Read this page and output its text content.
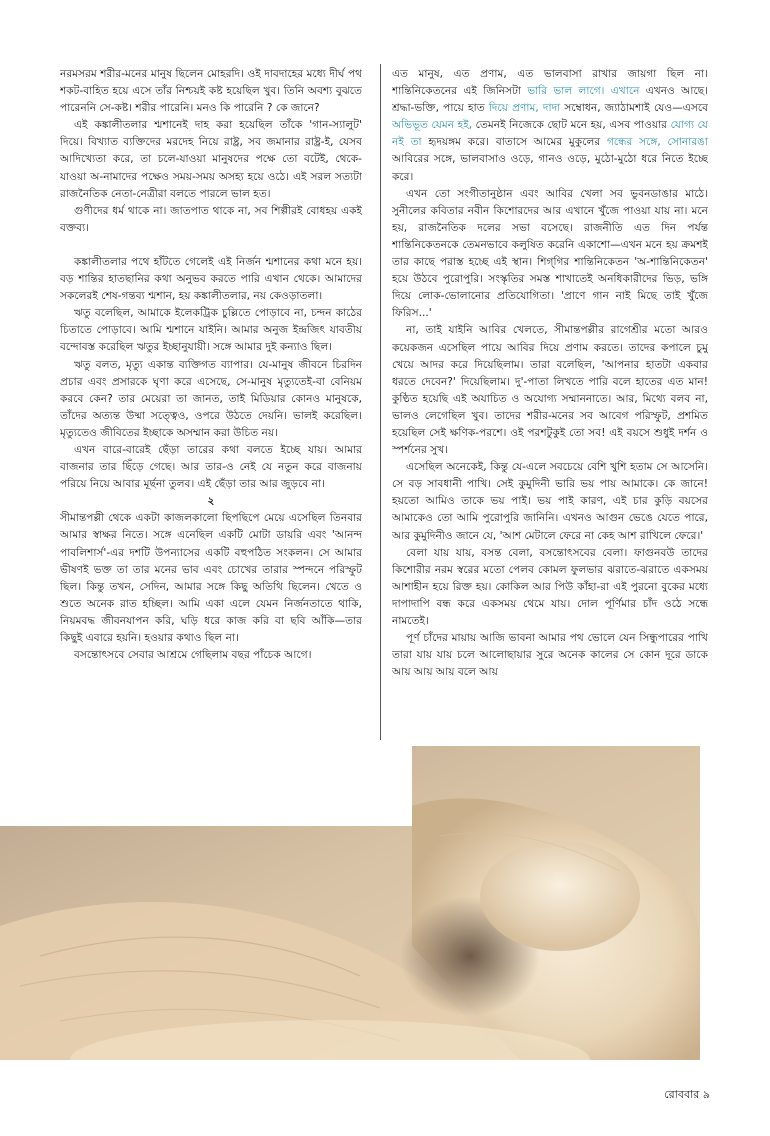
নরমসরম শরীর-মনের মানুষ ছিলেন মোহরদি। ওই দাবদাহের মধ্যে দীর্ঘ পথ শকট-বাহিত হয়ে এসে তাঁর নিশ্চয়ই কষ্ট হয়েছিল খুব। তিনি অবশ্য বুঝতে পারেননি সে-কষ্ট। শরীর পারেনি। মনও কি পারেনি ? কে জানে?

এই কঙ্কালীতলার শ্মশানেই দাহ করা হয়েছিল তাঁকে 'গান-স্যালুট' দিয়ে। বিখ্যাত ব্যক্তিদের মরদেহ নিয়ে রাষ্ট্র, সব জমানার রাষ্ট্র-ই, যেসব আদিখ্যেতা করে, তা চলে-যাওয়া মানুষদের পক্ষে তো বটেই, থেকে-যাওয়া অ-নামাদের পক্ষেও সময়-সময় অসহ্য হয়ে ওঠে। এই সরল সত্যটা রাজনৈতিক নেতা-নেত্রীরা বলতে পারলে ভাল হত।

গুণীদের ধর্ম থাকে না। জাতপাত থাকে না, সব শিল্পীরই বোধহয় একই বক্তব্য।

কঙ্কালীতলার পথে হাঁটতে গেলেই এই নির্জন শ্মশানের কথা মনে হয়। বড় শান্তির হাতছানির কথা অনুভব করতে পারি এখান থেকে। আমাদের সকলেরই শেষ-গন্তব্য শ্মশান, হয় কঙ্কালীতলার, নয় কেওড়াতলা।

ঋতু বলেছিল, আমাকে ইলেকট্রিক চুল্লিতে পোড়াবে না, চন্দন কাঠের চিতাতে পোড়াবে। আমি শ্মশানে যাইনি। আমার অনুজ ইন্দ্রজিৎ যাবতীয় বন্দোবস্ত করেছিল ঋতুর ইচ্ছানুযায়ী। সঙ্গে আমার দুই কন্যাও ছিল।

ঋতু বলত, মৃত্যু একান্ত ব্যক্তিগত ব্যাপার। যে-মানুষ জীবনে চিরদিন প্রচার এবং প্রসারকে ঘৃণা করে এসেছে, সে-মানুষ মৃত্যুতেই-বা বেনিয়ম করবে কেন? তার মেয়েরা তা জানত, তাই মিডিয়ার কোনও মানুষকে, তাঁদের অত্যন্ত উষ্মা সত্ত্বেও, ওপরে উঠতে দেয়নি। ভালই করেছিল। মৃত্যুতেও জীবিতের ইচ্ছাকে অসম্মান করা উচিত নয়।

এখন বারে-বারেই ছেঁড়া তারের কথা বলতে ইচ্ছে যায়। আমার বাজনার তার ছিঁড়ে গেছে। আর তার-ও নেই যে নতুন করে বাজনায় পরিয়ে নিয়ে আবার মূর্ছনা তুলব। এই ছেঁড়া তার আর জুড়বে না।

২

সীমান্তপল্লী থেকে একটা কাজলকালো ছিপছিপে মেয়ে এসেছিল তিনবার আমার স্বাক্ষর নিতে। সঙ্গে এনেছিল একটি মোটা ডায়রি এবং 'আনন্দ পাবলিশার্স'-এর দশটি উপন্যাসের একটি বহুপঠিত সংকলন। সে আমার ভীষণই ভক্ত তা তার মনের ভাব এবং চোখের তারার স্পন্দনে পরিস্ফুট ছিল। কিন্তু তখন, সেদিন, আমার সঙ্গে কিছু অতিথি ছিলেন। খেতে ও শুতে অনেক রাত হচ্ছিল। আমি একা এলে যেমন নির্জনতাতে থাকি, নিয়মবদ্ধ জীবনযাপন করি, ঘড়ি ধরে কাজ করি বা ছবি আঁকি—তার কিছুই এবারে হয়নি। হওয়ার কথাও ছিল না।

বসন্তোৎসবে সেবার আশ্রমে গেছিলাম বছর পাঁচেক আগে।

এত মানুষ, এত প্রণাম, এত ভালবাসা রাখার জায়গা ছিল না। শান্তিনিকেতনের এই জিনিসটা ভারি ভাল লাগে। এখানে এখনও আছে। শ্রদ্ধা-ভক্তি, পায়ে হাত দিয়ে প্রণাম, দাদা সম্বোধন, জ্যাঠামশাই যেও—এসবে অভিভূত যেমন হই, তেমনই নিজেকে ছোট মনে হয়, এসব পাওয়ার যোগ্য যে নই তা হৃদয়ঙ্গম করে। বাতাসে আমের মুকুলের গন্ধের সঙ্গে, সোনারঙা আবিরের সঙ্গে, ভালবাসাও ওড়ে, গানও ওড়ে, মুঠো-মুঠো ধরে নিতে ইচ্ছে করে।

এখন তো সংগীতানুষ্ঠান এবং আবির খেলা সব ভুবনডাঙার মাঠে। সুনীলের কবিতার নবীন কিশোরদের আর এখানে খুঁজে পাওয়া যায় না। মনে হয়, রাজনৈতিক দলের সভা বসেছে। রাজনীতি এত দিন পর্যন্ত শান্তিনিকেতনকে তেমনভাবে কলুষিত করেনি একাশো—এখন মনে হয় ক্রমশই তার কাছে পরাস্ত হচ্ছে এই স্থান। শিগ্‌গির শান্তিনিকেতন 'অ-শান্তিনিকেতন' হয়ে উঠবে পুরোপুরি। সংস্কৃতির সমস্ত শাখাতেই অনধিকারীদের ভিড়, ভঙ্গি দিয়ে লোক-ভোলানোর প্রতিযোগিতা। 'প্রাণে গান নাই মিছে তাই খুঁজে ফিরিস...'

না, তাই যাইনি আবির খেলতে, সীমান্তপল্লীর রাগেশ্রীর মতো আরও কয়েকজন এসেছিল পায়ে আবির দিয়ে প্রণাম করতে। তাদের কপালে চুমু খেয়ে আদর করে দিয়েছিলাম। তারা বলেছিল, 'আপনার হাতটা একবার ধরতে দেবেন?' দিয়েছিলাম। দু'-পাতা লিখতে পারি বলে হাতের এত মান! কুণ্ঠিত হয়েছি এই অযাচিত ও অযোগ্য সম্মাননাতে। আর, মিথ্যে বলব না, ভালও লেগেছিল খুব। তাদের শরীর-মনের সব আবেগ পরিস্ফুট, প্রশমিত হয়েছিল সেই ক্ষণিক-পরশে। ওই পরশটুকুই তো সব! এই বয়সে শুধুই দর্শন ও স্পর্শনের সুখ।

এসেছিল অনেকেই, কিন্তু যে-এলে সবচেয়ে বেশি খুশি হতাম সে আসেনি। সে বড় সাবধানী পাখি। সেই কুমুদিনী ভারি ভয় পায় আমাকে। কে জানে! হয়তো আমিও তাকে ভয় পাই। ভয় পাই কারণ, এই চার কুড়ি বয়সের আমাকেও তো আমি পুরোপুরি জানিনি। এখনও আগুন ভেঙে যেতে পারে, আর কুমুদিনীও জানে যে, 'আশ মেটালে ফেরে না কেহ আশ রাখিলে ফেরে।'

বেলা যায় যায়, বসন্ত বেলা, বসন্তোৎসবের বেলা। ফাগুনবউ তাদের কিশোরীর নরম স্বরের মতো পেলব কোমল ফুলভার ঝরাতে-ঝরাতে একসময় আশাহীন হয়ে রিক্ত হয়। কোকিল আর পিউ কাঁহা-রা এই পুরনো বুকের মধ্যে দাপাদাপি বন্ধ করে একসময় থেমে যায়। দোল পূর্ণিমার চাঁদ ওঠে সন্ধে নামতেই।

পূর্ণ চাঁদের মায়ায় আজি ভাবনা আমার পথ ভোলে যেন সিন্ধুপারের পাখি তারা যায় যায় চলে আলোছায়ার সুরে অনেক কালের সে কোন দূরে ডাকে আয় আয় আয় বলে আয়

রোববার ৯
